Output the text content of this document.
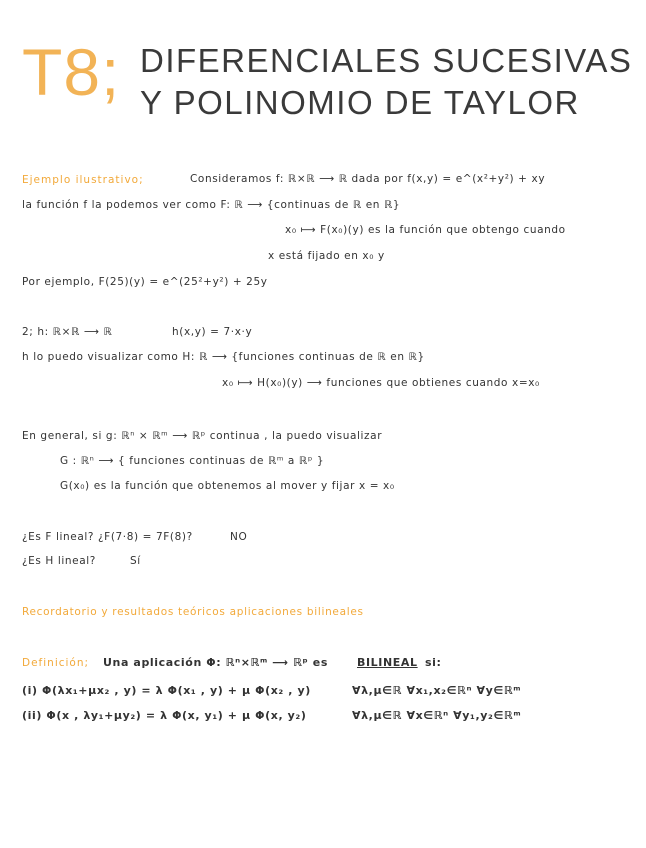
T8; DIFERENCIALES SUCESIVAS
Y POLINOMIO DE TAYLOR
Ejemplo ilustrativo;	Consideramos f: ℝ×ℝ ⟶ ℝ dada por f(x,y) = e^(x²+y²) + xy
la función f la podemos ver como F: ℝ ⟶ {continuas de ℝ en ℝ}
x₀ ⟼ F(x₀)(y) es la función que obtengo cuando
x está fijado en x₀ y
Por ejemplo, F(25)(y) = e^(25²+y²) + 25y
2; h: ℝ×ℝ ⟶ ℝ	h(x,y) = 7·x·y
h lo puedo visualizar como H: ℝ ⟶ {funciones continuas de ℝ en ℝ}
x₀ ⟼ H(x₀)(y) ⟶ funciones que obtienes cuando x=x₀
En general, si g: ℝⁿ × ℝᵐ ⟶ ℝᵖ continua , la puedo visualizar
G : ℝⁿ ⟶ { funciones continuas de ℝᵐ a ℝᵖ }
G(x₀) es la función que obtenemos al mover y fijar x = x₀
¿Es F lineal? ¿F(7·8) = 7F(8)?	NO
¿Es H lineal?	Sí
Recordatorio y resultados teóricos aplicaciones bilineales
Definición; Una aplicación Φ: ℝⁿ×ℝᵐ ⟶ ℝᵖ es	BILINEAL si:
(i) Φ(λx₁+μx₂ , y) = λ Φ(x₁ , y) + μ Φ(x₂ , y)	∀λ,μ∈ℝ ∀x₁,x₂∈ℝⁿ ∀y∈ℝᵐ
(ii) Φ(x , λy₁+μy₂) = λ Φ(x, y₁) + μ Φ(x, y₂)	∀λ,μ∈ℝ ∀x∈ℝⁿ ∀y₁,y₂∈ℝᵐ
